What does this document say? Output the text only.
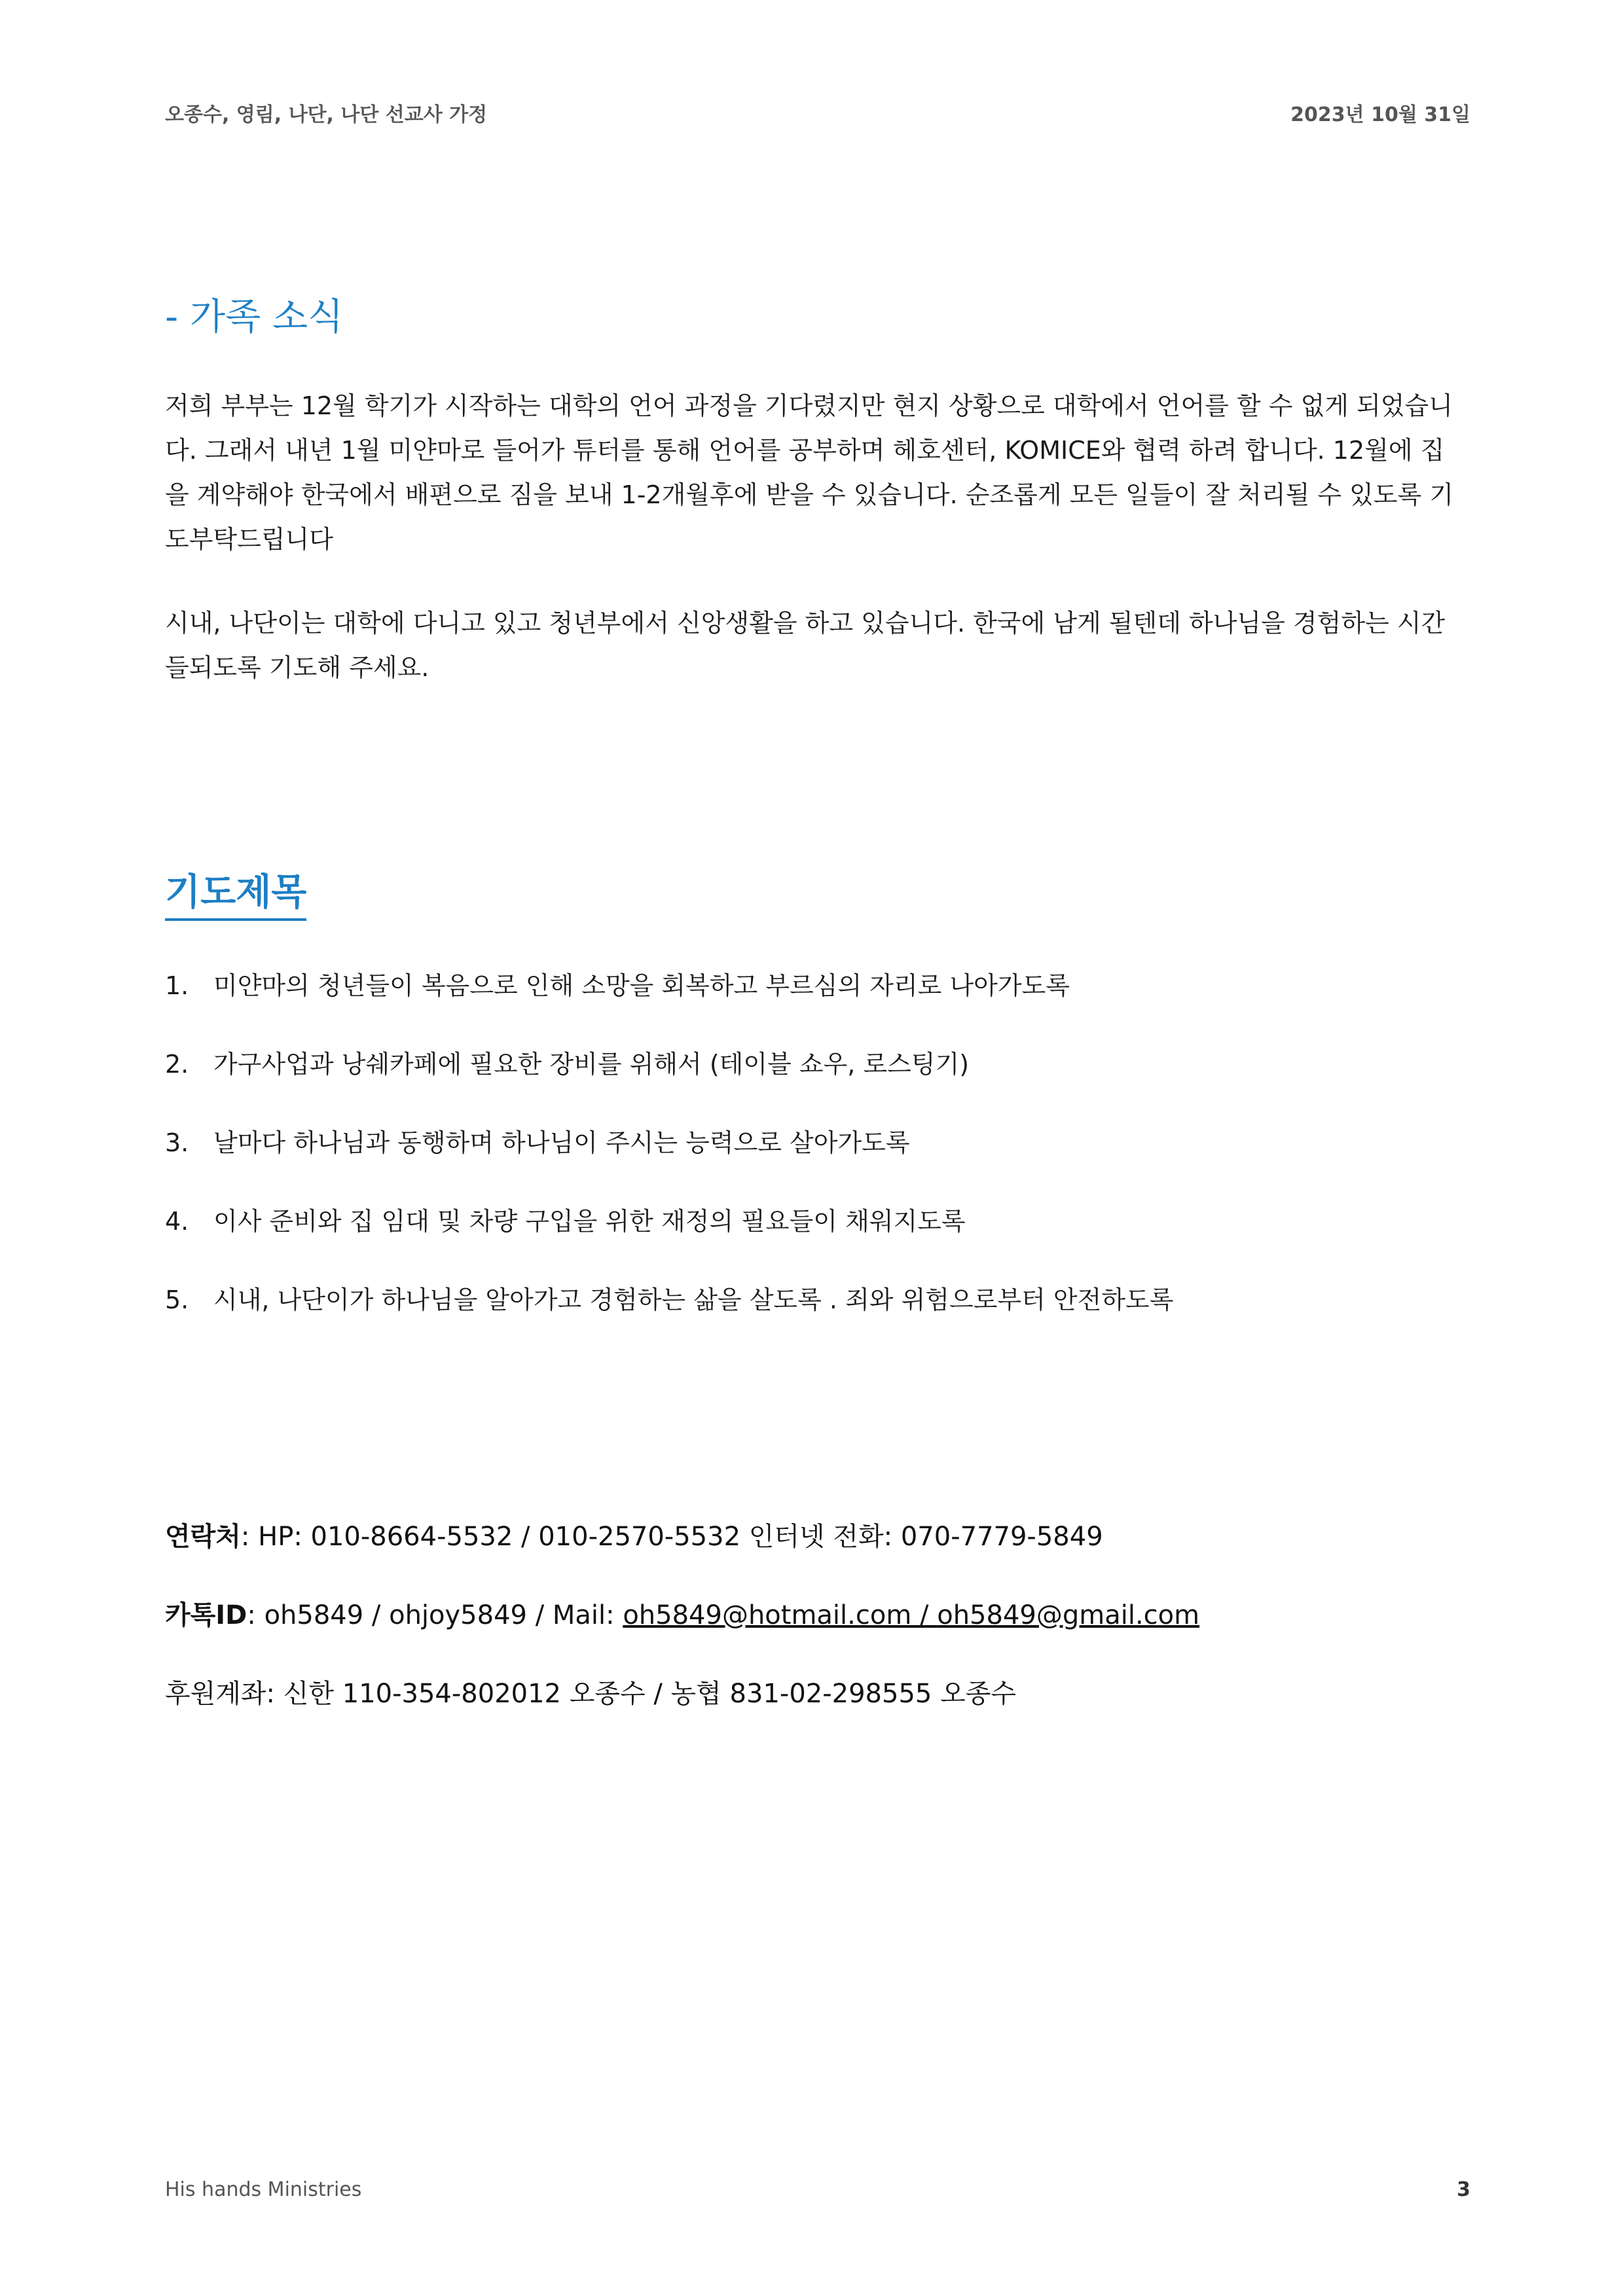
오종수, 영림, 나단, 나단 선교사 가정	2023년 10월 31일
- 가족 소식

저희 부부는 12월 학기가 시작하는 대학의 언어 과정을 기다렸지만 현지 상황으로 대학에서 언어를 할 수 없게 되었습니다. 그래서 내년 1월 미얀마로 들어가 튜터를 통해 언어를 공부하며 헤호센터, KOMICE와 협력 하려 합니다. 12월에 집을 계약해야 한국에서 배편으로 짐을 보내 1-2개월후에 받을 수 있습니다. 순조롭게 모든 일들이 잘 처리될 수 있도록 기도부탁드립니다

시내, 나단이는 대학에 다니고 있고 청년부에서 신앙생활을 하고 있습니다. 한국에 남게 될텐데 하나님을 경험하는 시간들되도록 기도해 주세요.

기도제목
1. 미얀마의 청년들이 복음으로 인해 소망을 회복하고 부르심의 자리로 나아가도록
2. 가구사업과 낭쉐카페에 필요한 장비를 위해서 (테이블 쇼우, 로스팅기)
3. 날마다 하나님과 동행하며 하나님이 주시는 능력으로 살아가도록
4. 이사 준비와 집 임대 및 차량 구입을 위한 재정의 필요들이 채워지도록
5. 시내, 나단이가 하나님을 알아가고 경험하는 삶을 살도록 . 죄와 위험으로부터 안전하도록
연락처: HP: 010-8664-5532 / 010-2570-5532 인터넷 전화: 070-7779-5849
카톡ID: oh5849 / ohjoy5849 / Mail: oh5849@hotmail.com / oh5849@gmail.com
후원계좌: 신한 110-354-802012 오종수 / 농협 831-02-298555 오종수
His hands Ministries	3
